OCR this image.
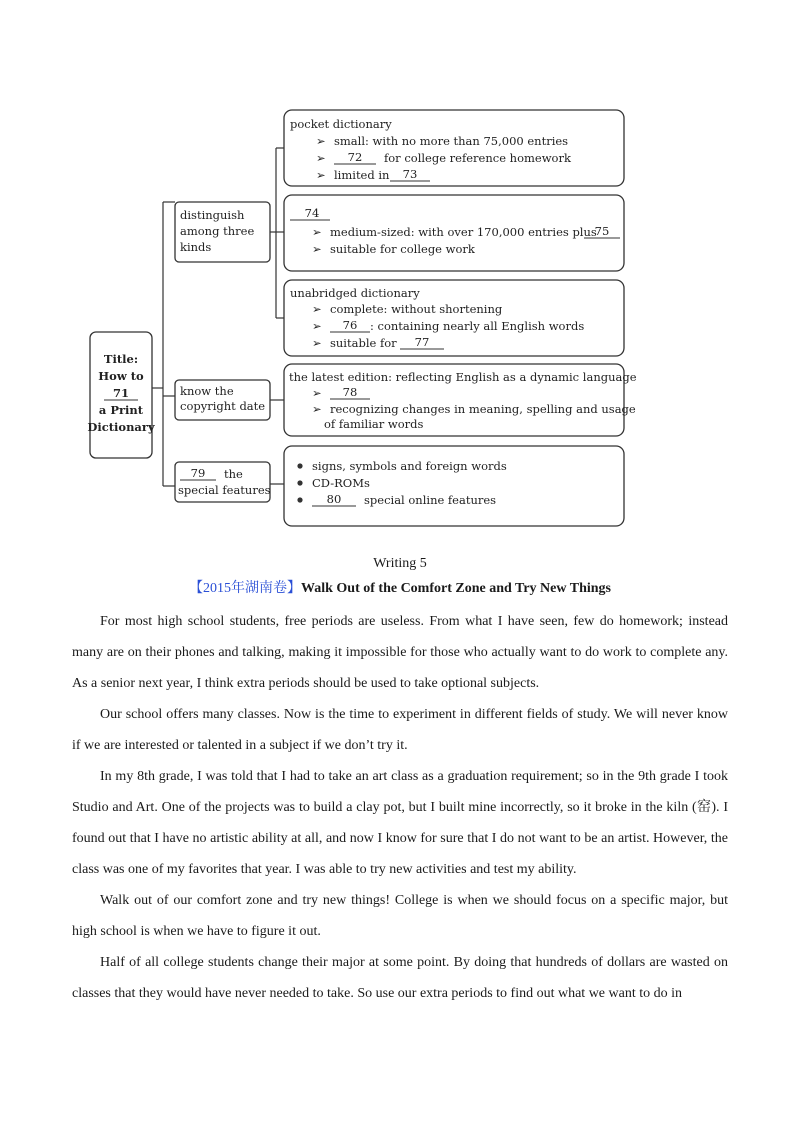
Title:
How to
71
a Print
Dictionary
distinguish
among three
kinds
know the
copyright date
79 the
special features
pocket dictionary
➢ small: with no more than 75,000 entries
➢ 72 for college reference homework
➢ limited in 73
74
➢ medium-sized: with over 170,000 entries plus
75
➢ suitable for college work
unabridged dictionary
➢ complete: without shortening
➢ 76 : containing nearly all English words
➢ suitable for 77
the latest edition: reflecting English as a dynamic language
➢ 78
➢ recognizing changes in meaning, spelling and usage
of familiar words
signs, symbols and foreign words
CD-ROMs
80 special online features
Writing 5
【2015年湖南卷】Walk Out of the Comfort Zone and Try New Things

For most high school students, free periods are useless. From what I have seen, few do homework; instead many are on their phones and talking, making it impossible for those who actually want to do work to complete any. As a senior next year, I think extra periods should be used to take optional subjects.

Our school offers many classes. Now is the time to experiment in different fields of study. We will never know if we are interested or talented in a subject if we don’t try it.

In my 8th grade, I was told that I had to take an art class as a graduation requirement; so in the 9th grade I took Studio and Art. One of the projects was to build a clay pot, but I built mine incorrectly, so it broke in the kiln (窑). I found out that I have no artistic ability at all, and now I know for sure that I do not want to be an artist. However, the class was one of my favorites that year. I was able to try new activities and test my ability.

Walk out of our comfort zone and try new things! College is when we should focus on a specific major, but high school is when we have to figure it out.

Half of all college students change their major at some point. By doing that hundreds of dollars are wasted on classes that they would have never needed to take. So use our extra periods to find out what we want to do in
